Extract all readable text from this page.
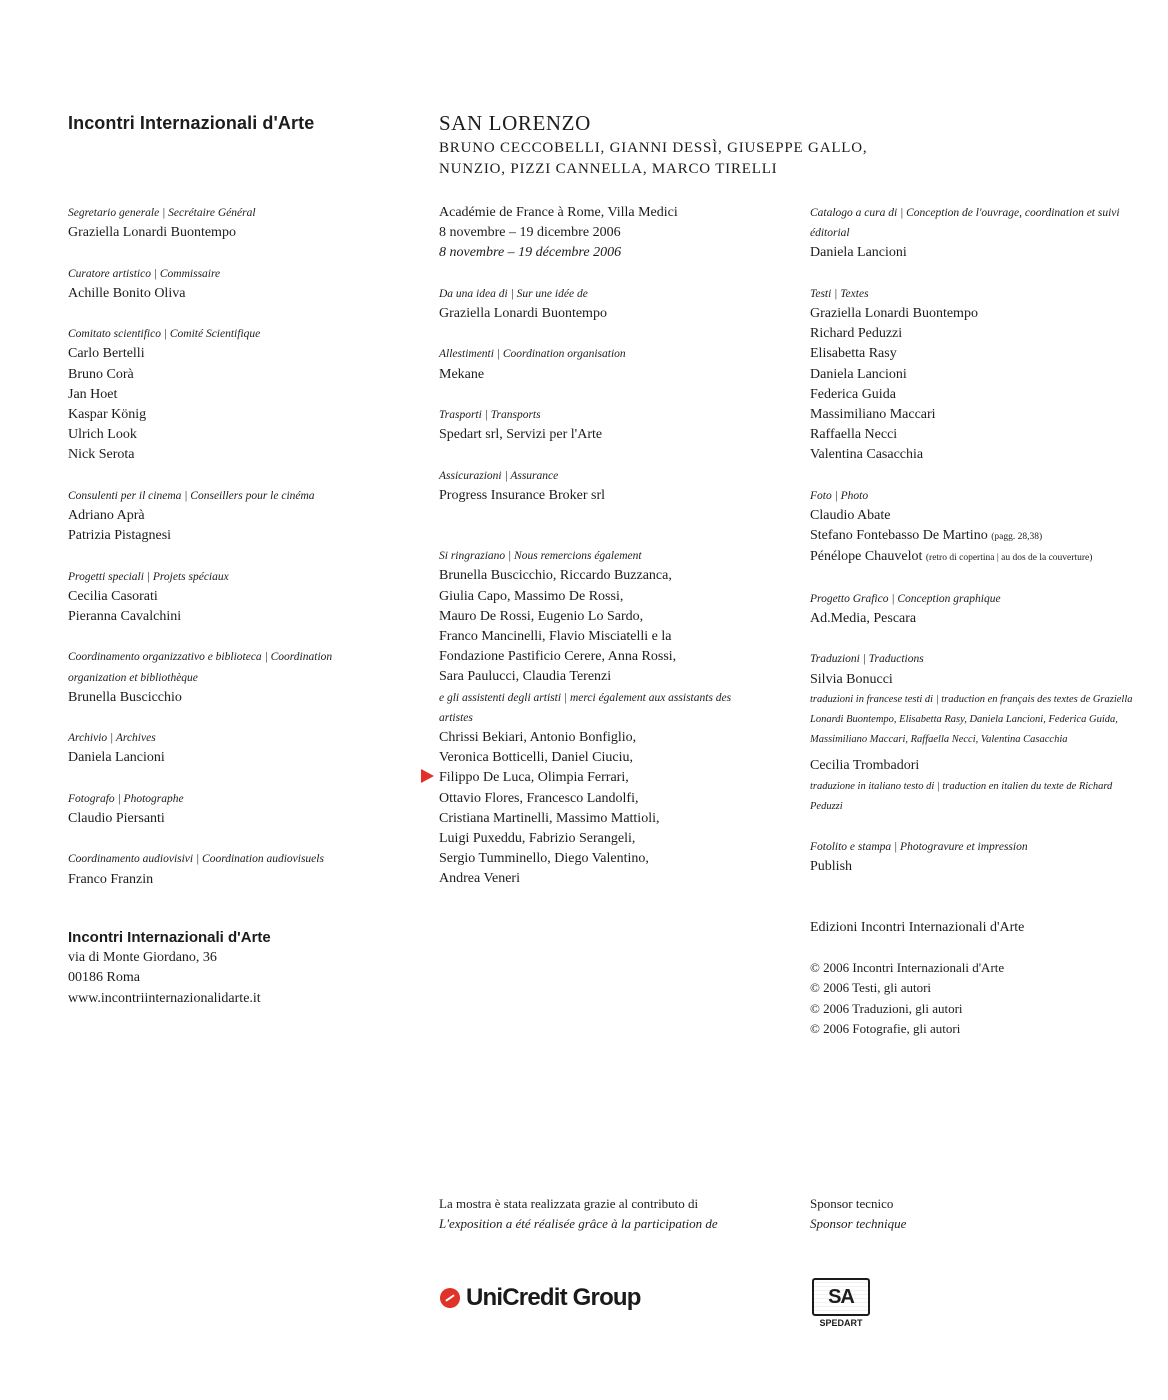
Incontri Internazionali d'Arte	SAN LORENZO
BRUNO CECCOBELLI, GIANNI DESSÌ, GIUSEPPE GALLO,
NUNZIO, PIZZI CANNELLA, MARCO TIRELLI
Segretario generale | Secrétaire Général
Graziella Lonardi Buontempo
Curatore artistico | Commissaire
Achille Bonito Oliva
Comitato scientifico | Comité Scientifique
Carlo Bertelli
Bruno Corà
Jan Hoet
Kaspar König
Ulrich Look
Nick Serota
Consulenti per il cinema | Conseillers pour le cinéma
Adriano Aprà
Patrizia Pistagnesi
Progetti speciali | Projets spéciaux
Cecilia Casorati
Pieranna Cavalchini
Coordinamento organizzativo e biblioteca | Coordination organization et bibliothèque
Brunella Buscicchio
Archivio | Archives
Daniela Lancioni
Fotografo | Photographe
Claudio Piersanti
Coordinamento audiovisivi | Coordination audiovisuels
Franco Franzin
Incontri Internazionali d'Arte
via di Monte Giordano, 36
00186 Roma
www.incontriinternazionalidarte.it
Académie de France à Rome, Villa Medici
8 novembre – 19 dicembre 2006
8 novembre – 19 décembre 2006
Da una idea di | Sur une idée de
Graziella Lonardi Buontempo
Allestimenti | Coordination organisation
Mekane
Trasporti | Transports
Spedart srl, Servizi per l'Arte
Assicurazioni | Assurance
Progress Insurance Broker srl
Si ringraziano | Nous remercions également
Brunella Buscicchio, Riccardo Buzzanca,
Giulia Capo, Massimo De Rossi,
Mauro De Rossi, Eugenio Lo Sardo,
Franco Mancinelli, Flavio Misciatelli e la
Fondazione Pastificio Cerere, Anna Rossi,
Sara Paulucci, Claudia Terenzi
e gli assistenti degli artisti | merci également aux assistants des artistes
Chrissi Bekiari, Antonio Bonfiglio,
Veronica Botticelli, Daniel Ciuciu,
Filippo De Luca, Olimpia Ferrari,
Ottavio Flores, Francesco Landolfi,
Cristiana Martinelli, Massimo Mattioli,
Luigi Puxeddu, Fabrizio Serangeli,
Sergio Tumminello, Diego Valentino,
Andrea Veneri
Catalogo a cura di | Conception de l'ouvrage, coordination et suivi éditorial
Daniela Lancioni
Testi | Textes
Graziella Lonardi Buontempo
Richard Peduzzi
Elisabetta Rasy
Daniela Lancioni
Federica Guida
Massimiliano Maccari
Raffaella Necci
Valentina Casacchia
Foto | Photo
Claudio Abate
Stefano Fontebasso De Martino (pagg. 28,38)
Pénélope Chauvelot (retro di copertina | au dos de la couverture)
Progetto Grafico | Conception graphique
Ad.Media, Pescara
Traduzioni | Traductions
Silvia Bonucci
traduzioni in francese testi di | traduction en français des textes de Graziella Lonardi Buontempo, Elisabetta Rasy, Daniela Lancioni, Federica Guida, Massimiliano Maccari, Raffaella Necci, Valentina Casacchia
Cecilia Trombadori
traduzione in italiano testo di | traduction en italien du texte de Richard Peduzzi
Fotolito e stampa | Photogravure et impression
Publish
Edizioni Incontri Internazionali d'Arte
© 2006 Incontri Internazionali d'Arte
© 2006 Testi, gli autori
© 2006 Traduzioni, gli autori
© 2006 Fotografie, gli autori
La mostra è stata realizzata grazie al contributo di
L'exposition a été réalisée grâce à la participation de
Sponsor tecnico
Sponsor technique
UniCredit Group	SA
SPEDART
